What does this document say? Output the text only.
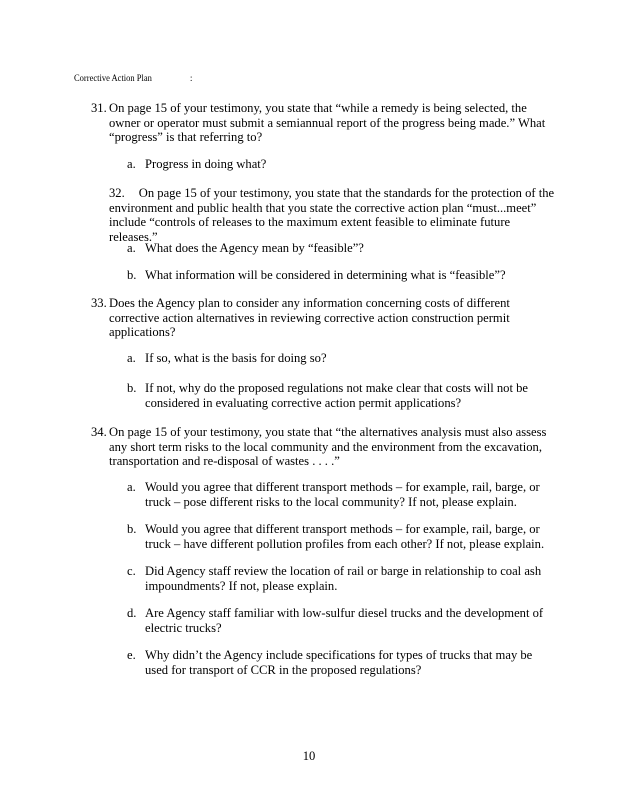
Corrective Action Plan	:
31. On page 15 of your testimony, you state that “while a remedy is being selected, the owner or operator must submit a semiannual report of the progress being made.” What “progress” is that referring to?
a. Progress in doing what?
32. On page 15 of your testimony, you state that the standards for the protection of the environment and public health that you state the corrective action plan “must...meet” include “controls of releases to the maximum extent feasible to eliminate future releases.”
a. What does the Agency mean by “feasible”?
b. What information will be considered in determining what is “feasible”?
33. Does the Agency plan to consider any information concerning costs of different corrective action alternatives in reviewing corrective action construction permit applications?
a. If so, what is the basis for doing so?
b. If not, why do the proposed regulations not make clear that costs will not be considered in evaluating corrective action permit applications?
34. On page 15 of your testimony, you state that “the alternatives analysis must also assess any short term risks to the local community and the environment from the excavation, transportation and re-disposal of wastes . . . .”
a. Would you agree that different transport methods – for example, rail, barge, or truck – pose different risks to the local community? If not, please explain.
b. Would you agree that different transport methods – for example, rail, barge, or truck – have different pollution profiles from each other? If not, please explain.
c. Did Agency staff review the location of rail or barge in relationship to coal ash impoundments? If not, please explain.
d. Are Agency staff familiar with low-sulfur diesel trucks and the development of electric trucks?
e. Why didn’t the Agency include specifications for types of trucks that may be used for transport of CCR in the proposed regulations?
10
